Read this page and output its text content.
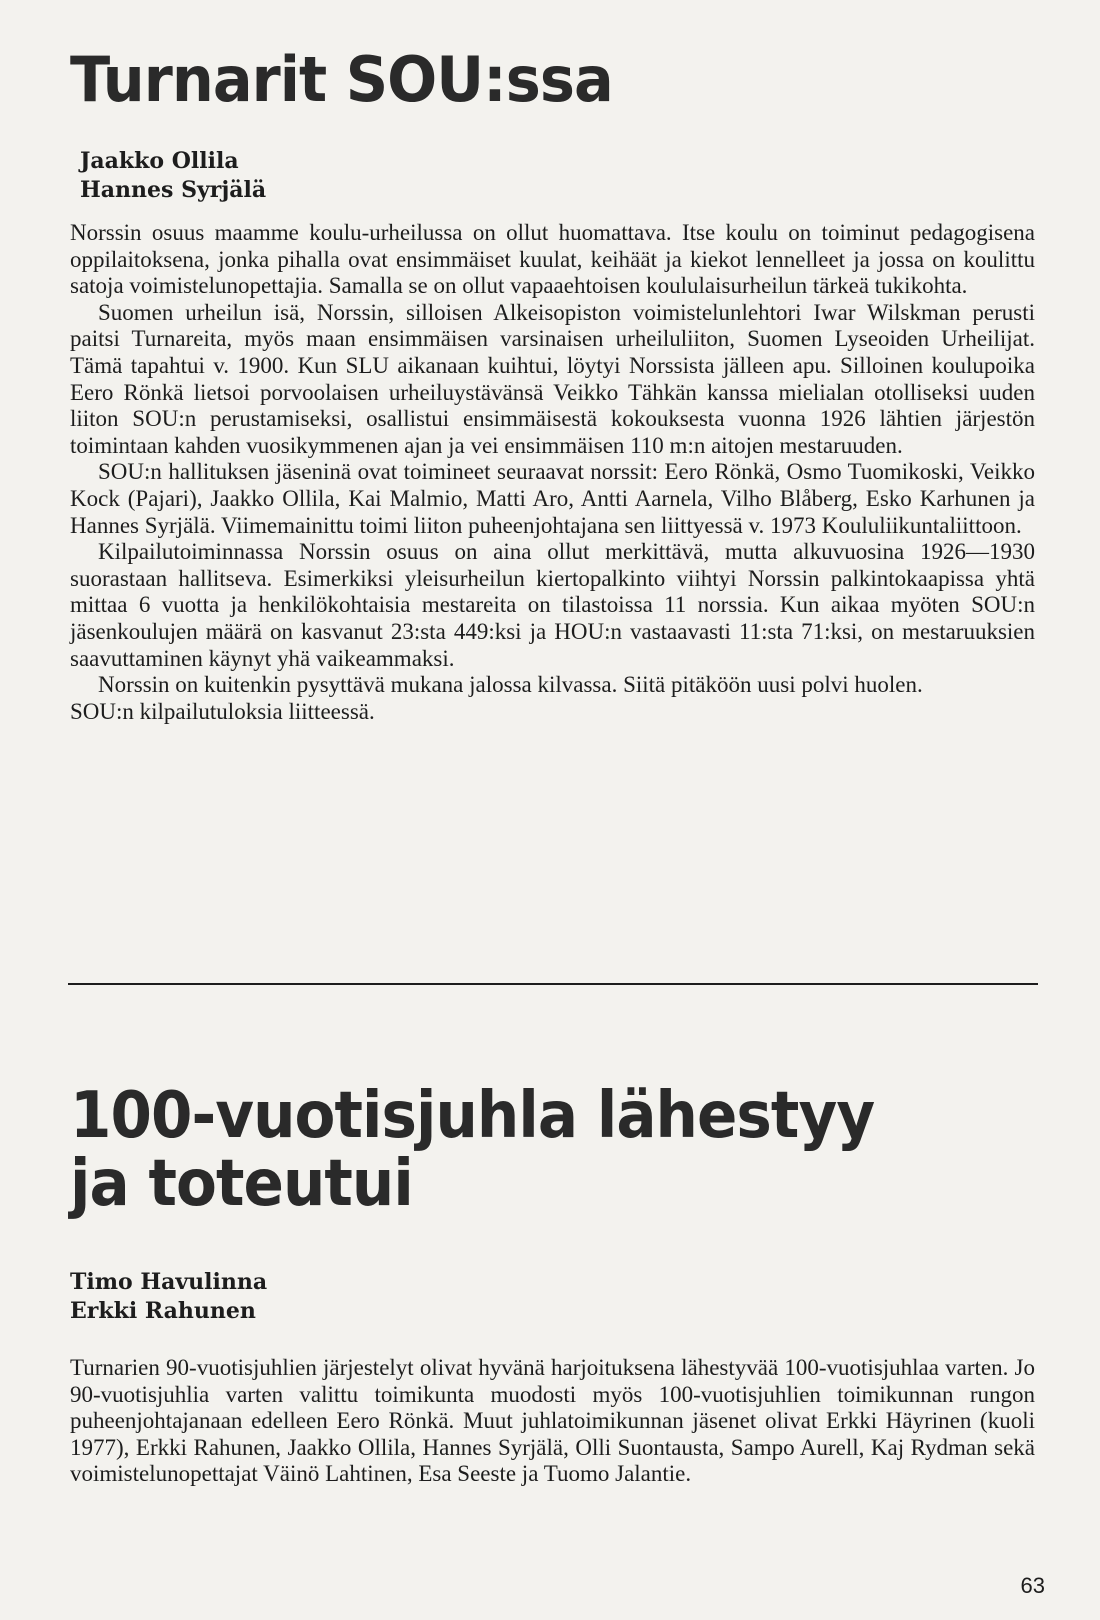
Turnarit SOU:ssa
Jaakko Ollila
Hannes Syrjälä

Norssin osuus maamme koulu-urheilussa on ollut huomattava. Itse koulu on toiminut pedagogisena oppilaitoksena, jonka pihalla ovat ensimmäiset kuulat, keihäät ja kiekot lennelleet ja jossa on koulittu satoja voimistelunopettajia. Samalla se on ollut vapaaehtoisen koululaisurheilun tärkeä tukikohta.

Suomen urheilun isä, Norssin, silloisen Alkeisopiston voimistelunlehtori Iwar Wilskman perusti paitsi Turnareita, myös maan ensimmäisen varsinaisen urheiluliiton, Suomen Lyseoiden Urheilijat. Tämä tapahtui v. 1900. Kun SLU aikanaan kuihtui, löytyi Norssista jälleen apu. Silloinen koulupoika Eero Rönkä lietsoi porvoolaisen urheiluystävänsä Veikko Tähkän kanssa mielialan otolliseksi uuden liiton SOU:n perustamiseksi, osallistui ensimmäisestä kokouksesta vuonna 1926 lähtien järjestön toimintaan kahden vuosikymmenen ajan ja vei ensimmäisen 110 m:n aitojen mestaruuden.

SOU:n hallituksen jäseninä ovat toimineet seuraavat norssit: Eero Rönkä, Osmo Tuomikoski, Veikko Kock (Pajari), Jaakko Ollila, Kai Malmio, Matti Aro, Antti Aarnela, Vilho Blåberg, Esko Karhunen ja Hannes Syrjälä. Viimemainittu toimi liiton puheenjohtajana sen liittyessä v. 1973 Koululiikuntaliittoon.

Kilpailutoiminnassa Norssin osuus on aina ollut merkittävä, mutta alkuvuosina 1926—1930 suorastaan hallitseva. Esimerkiksi yleisurheilun kiertopalkinto viihtyi Norssin palkintokaapissa yhtä mittaa 6 vuotta ja henkilökohtaisia mestareita on tilastoissa 11 norssia. Kun aikaa myöten SOU:n jäsenkoulujen määrä on kasvanut 23:sta 449:ksi ja HOU:n vastaavasti 11:sta 71:ksi, on mestaruuksien saavuttaminen käynyt yhä vaikeammaksi.

Norssin on kuitenkin pysyttävä mukana jalossa kilvassa. Siitä pitäköön uusi polvi huolen.

SOU:n kilpailutuloksia liitteessä.

100-vuotisjuhla lähestyy ja toteutui
Timo Havulinna
Erkki Rahunen

Turnarien 90-vuotisjuhlien järjestelyt olivat hyvänä harjoituksena lähestyvää 100-vuotisjuhlaa varten. Jo 90-vuotisjuhlia varten valittu toimikunta muodosti myös 100-vuotisjuhlien toimikunnan rungon puheenjohtajanaan edelleen Eero Rönkä. Muut juhlatoimikunnan jäsenet olivat Erkki Häyrinen (kuoli 1977), Erkki Rahunen, Jaakko Ollila, Hannes Syrjälä, Olli Suontausta, Sampo Aurell, Kaj Rydman sekä voimistelunopettajat Väinö Lahtinen, Esa Seeste ja Tuomo Jalantie.

63
